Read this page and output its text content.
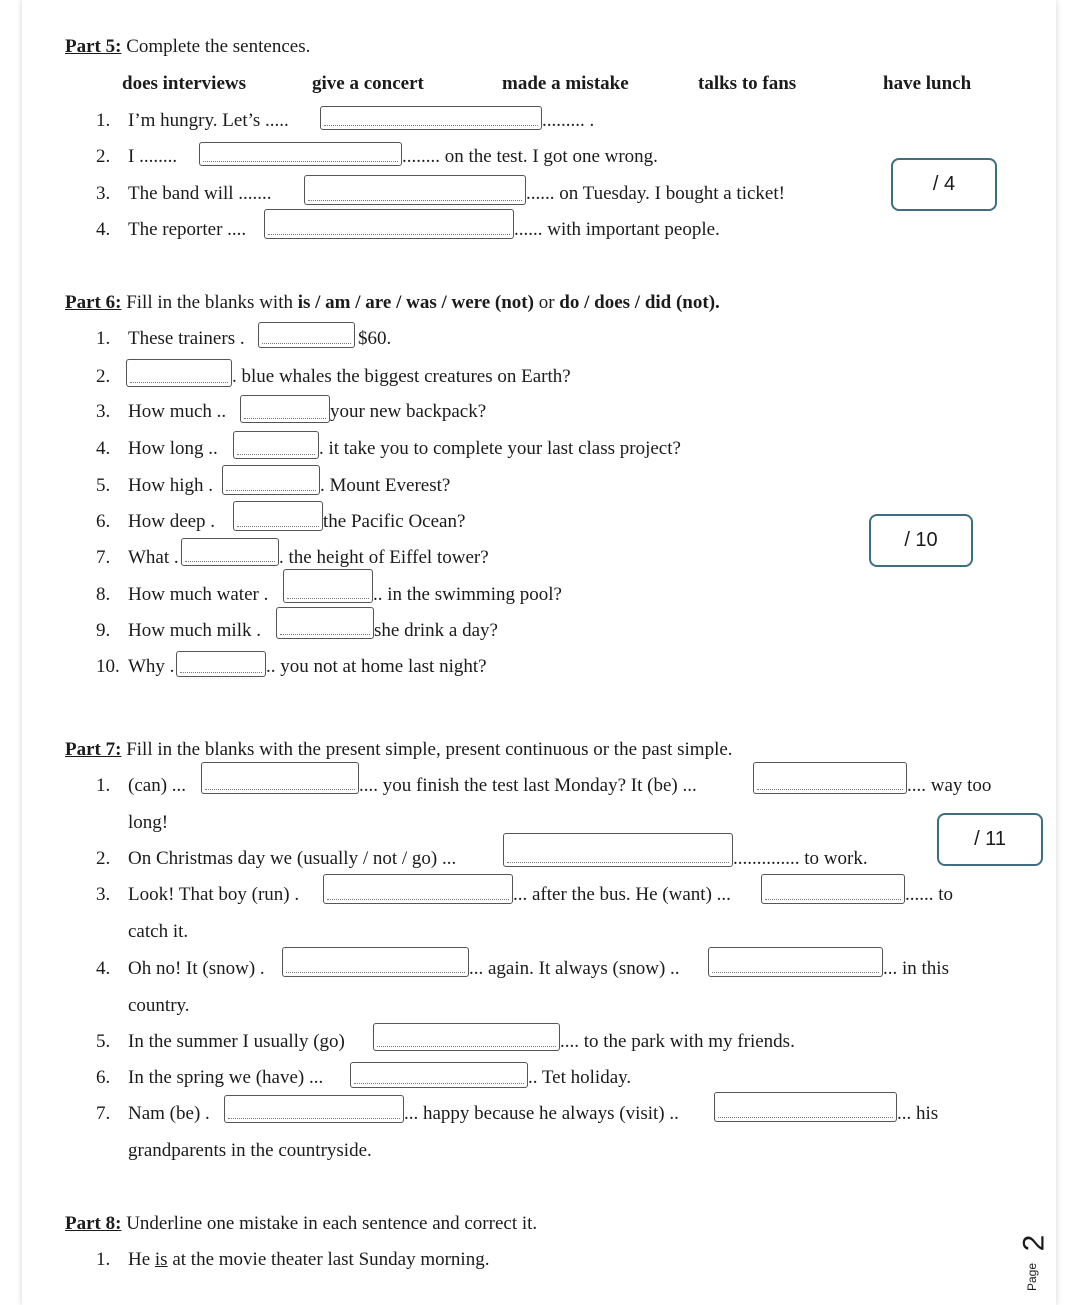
Part 5: Complete the sentences.
does interviews	give a concert	made a mistake	talks to fans	have lunch
1. I’m hungry. Let’s .....	......... .
2. I ........	........ on the test. I got one wrong.
3. The band will .......	...... on Tuesday. I bought a ticket!
4. The reporter ....	...... with important people.
/ 4
Part 6: Fill in the blanks with is / am / are / was / were (not) or do / does / did (not).
1. These trainers .	$60.
2.	. blue whales the biggest creatures on Earth?
3. How much ..	your new backpack?
4. How long ..	. it take you to complete your last class project?
5. How high .	. Mount Everest?
6. How deep .	the Pacific Ocean?
7. What .	. the height of Eiffel tower?
8. How much water .	.. in the swimming pool?
9. How much milk .	she drink a day?
10. Why .	.. you not at home last night?
/ 10
Part 7: Fill in the blanks with the present simple, present continuous or the past simple.
1. (can) ...	.... you finish the test last Monday? It (be) ...	.... way too
long!
2. On Christmas day we (usually / not / go) ...	.............. to work.
3. Look! That boy (run) .	... after the bus. He (want) ...	...... to
catch it.
4. Oh no! It (snow) .	... again. It always (snow) ..	... in this
country.
5. In the summer I usually (go)	.... to the park with my friends.
6. In the spring we (have) ...	.. Tet holiday.
7. Nam (be) .	... happy because he always (visit) ..	... his
grandparents in the countryside.
/ 11
Part 8: Underline one mistake in each sentence and correct it.
1. He is at the movie theater last Sunday morning.
2
Page
